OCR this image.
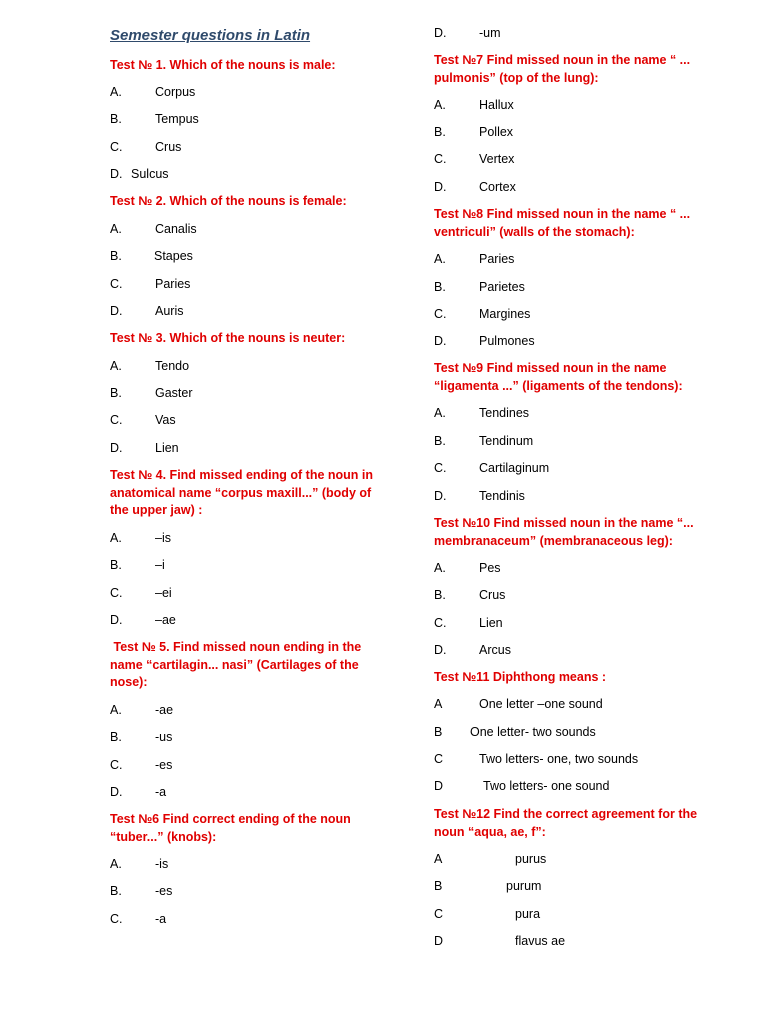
Semester questions in Latin
Test № 1. Which of the nouns is male:
A.	Corpus
B.	Tempus
C.	Crus
D. Sulcus
Test № 2. Which of the nouns is female:
A.	Canalis
B.	Stapes
C.	Paries
D.	Auris
Test № 3. Which of the nouns is neuter:
A.	Tendo
B.	Gaster
C.	Vas
D.	Lien
Test № 4. Find missed ending of the noun in anatomical name “corpus maxill...” (body of the upper jaw) :
A.	–is
B.	–i
C.	–ei
D.	–ae
Test № 5. Find missed noun ending in the name “cartilagin... nasi” (Cartilages of the nose):
A.	-ae
B.	-us
C.	-es
D.	-a
Test №6 Find correct ending of the noun “tuber...” (knobs):
A.	-is
B.	-es
C.	-a
D.	-um
Test №7 Find missed noun in the name “ ... pulmonis” (top of the lung):
A.	Hallux
B.	Pollex
C.	Vertex
D.	Cortex
Test №8 Find missed noun in the name “ ... ventriculi” (walls of the stomach):
A.	Paries
B.	Parietes
C.	Margines
D.	Pulmones
Test №9 Find missed noun in the name “ligamenta ...” (ligaments of the tendons):
A.	Tendines
B.	Tendinum
C.	Cartilaginum
D.	Tendinis
Test №10 Find missed noun in the name “... membranaceum” (membranaceous leg):
A.	Pes
B.	Crus
C.	Lien
D.	Arcus
Test №11 Diphthong means :
A	One letter –one sound
B One letter- two sounds
C	Two letters- one, two sounds
D	Two letters- one sound
Test №12 Find the correct agreement for the noun “aqua, ae, f”:
A	purus
B	purum
C	pura
D	flavus ae
